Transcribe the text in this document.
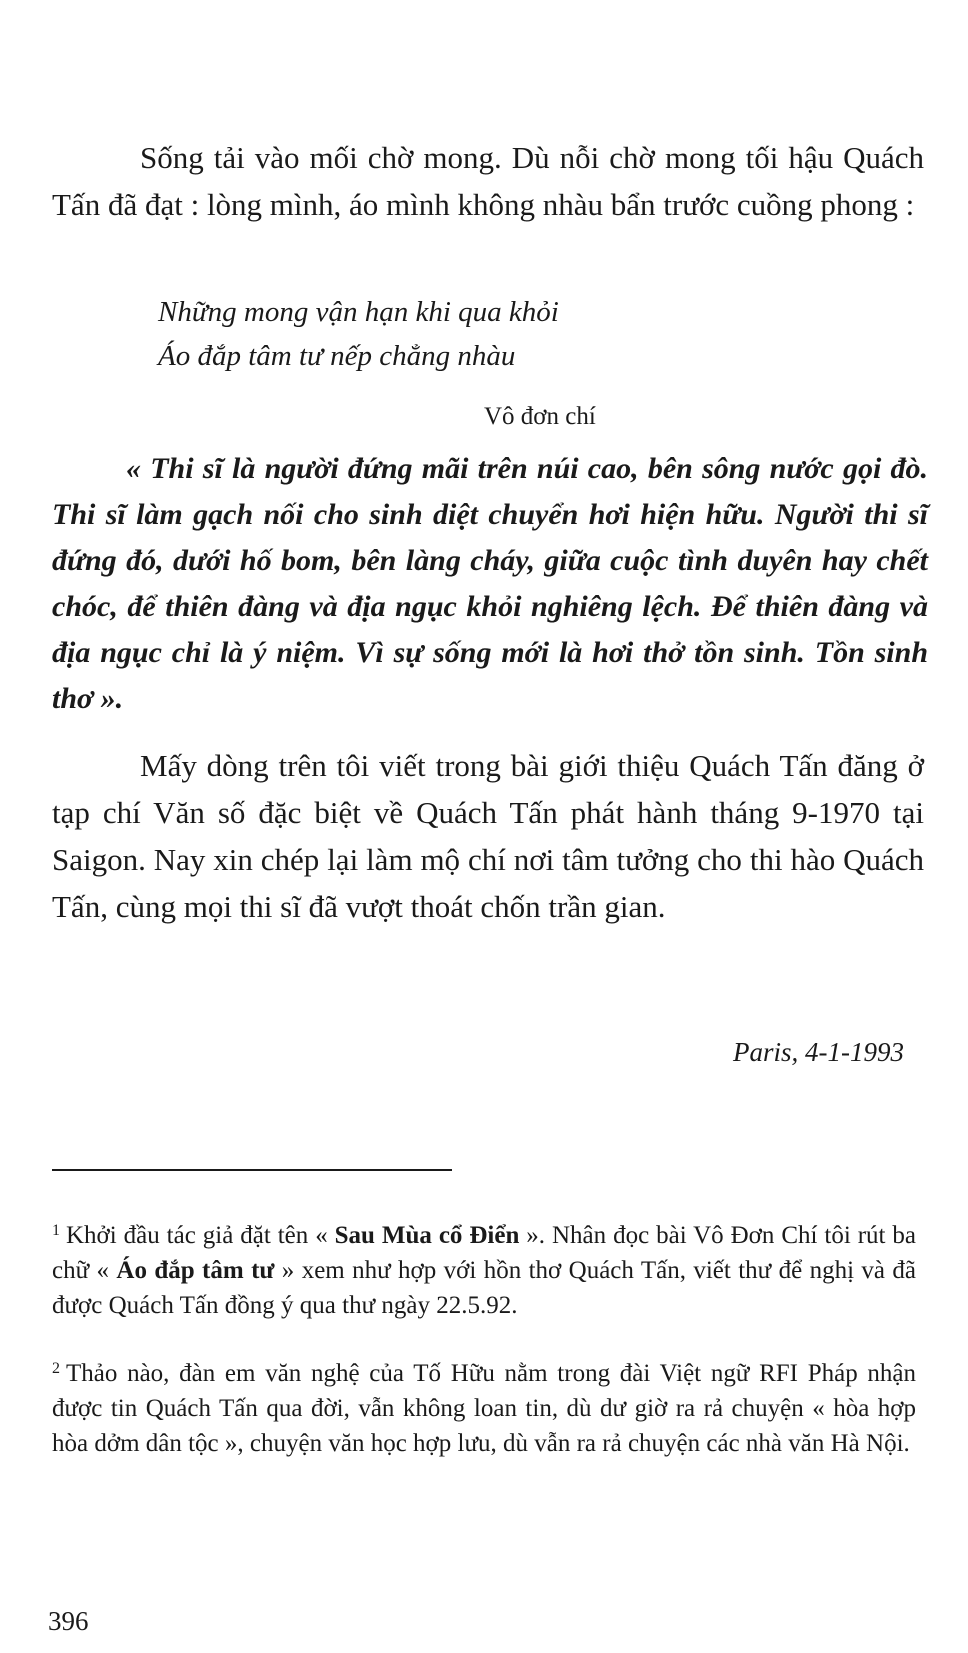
Sống tải vào mối chờ mong. Dù nỗi chờ mong tối hậu Quách Tấn đã đạt : lòng mình, áo mình không nhàu bẩn trước cuồng phong :

Những mong vận hạn khi qua khỏi

Áo đắp tâm tư nếp chẳng nhàu

Vô đơn chí

« Thi sĩ là người đứng mãi trên núi cao, bên sông nước gọi đò. Thi sĩ làm gạch nối cho sinh diệt chuyển hơi hiện hữu. Người thi sĩ đứng đó, dưới hố bom, bên làng cháy, giữa cuộc tình duyên hay chết chóc, để thiên đàng và địa ngục khỏi nghiêng lệch. Để thiên đàng và địa ngục chỉ là ý niệm. Vì sự sống mới là hơi thở tồn sinh. Tồn sinh thơ ».

Mấy dòng trên tôi viết trong bài giới thiệu Quách Tấn đăng ở tạp chí Văn số đặc biệt về Quách Tấn phát hành tháng 9-1970 tại Saigon. Nay xin chép lại làm mộ chí nơi tâm tưởng cho thi hào Quách Tấn, cùng mọi thi sĩ đã vượt thoát chốn trần gian.

Paris, 4-1-1993

$^1$ Khởi đầu tác giả đặt tên « Sau Mùa cổ Điển ». Nhân đọc bài Vô Đơn Chí tôi rút ba chữ « Áo đắp tâm tư » xem như hợp với hồn thơ Quách Tấn, viết thư để nghị và đã được Quách Tấn đồng ý qua thư ngày 22.5.92.

$^2$ Thảo nào, đàn em văn nghệ của Tố Hữu nằm trong đài Việt ngữ RFI Pháp nhận được tin Quách Tấn qua đời, vẫn không loan tin, dù dư giờ ra rả chuyện « hòa hợp hòa dởm dân tộc », chuyện văn học hợp lưu, dù vẫn ra rả chuyện các nhà văn Hà Nội.

396
